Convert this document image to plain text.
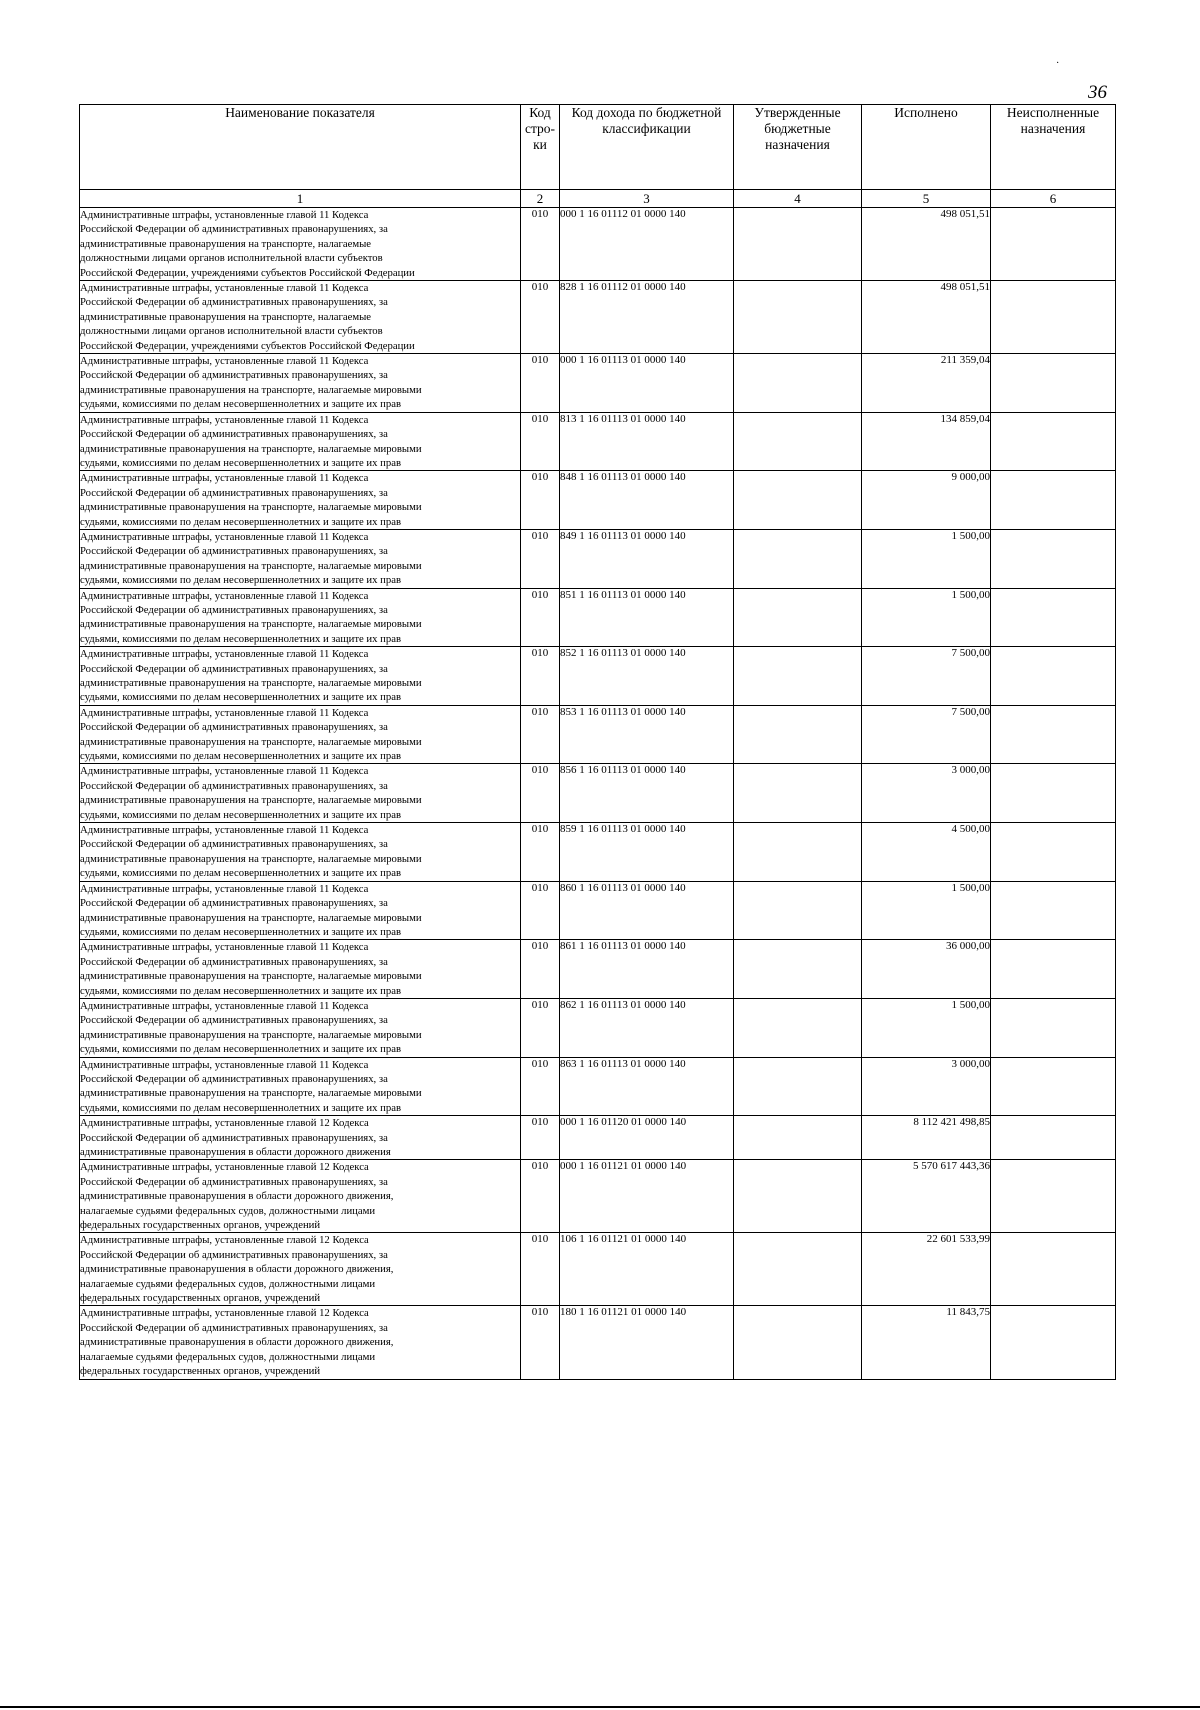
·
36
Наименование показателя	Код стро- ки	Код дохода по бюджетной классификации	Утвержденные бюджетные назначения	Исполнено	Неисполненные назначения
1	2	3	4	5	6

Административные штрафы, установленные главой 11 Кодекса
Российской Федерации об административных правонарушениях, за
административные правонарушения на транспорте, налагаемые
должностными лицами органов исполнительной власти субъектов
Российской Федерации, учреждениями субъектов Российской Федерации	010	000 1 16 01112 01 0000 140		498 051,51	

Административные штрафы, установленные главой 11 Кодекса
Российской Федерации об административных правонарушениях, за
административные правонарушения на транспорте, налагаемые
должностными лицами органов исполнительной власти субъектов
Российской Федерации, учреждениями субъектов Российской Федерации	010	828 1 16 01112 01 0000 140		498 051,51	

Административные штрафы, установленные главой 11 Кодекса
Российской Федерации об административных правонарушениях, за
административные правонарушения на транспорте, налагаемые мировыми
судьями, комиссиями по делам несовершеннолетних и защите их прав	010	000 1 16 01113 01 0000 140		211 359,04	

Административные штрафы, установленные главой 11 Кодекса
Российской Федерации об административных правонарушениях, за
административные правонарушения на транспорте, налагаемые мировыми
судьями, комиссиями по делам несовершеннолетних и защите их прав	010	813 1 16 01113 01 0000 140		134 859,04	

Административные штрафы, установленные главой 11 Кодекса
Российской Федерации об административных правонарушениях, за
административные правонарушения на транспорте, налагаемые мировыми
судьями, комиссиями по делам несовершеннолетних и защите их прав	010	848 1 16 01113 01 0000 140		9 000,00	

Административные штрафы, установленные главой 11 Кодекса
Российской Федерации об административных правонарушениях, за
административные правонарушения на транспорте, налагаемые мировыми
судьями, комиссиями по делам несовершеннолетних и защите их прав	010	849 1 16 01113 01 0000 140		1 500,00	

Административные штрафы, установленные главой 11 Кодекса
Российской Федерации об административных правонарушениях, за
административные правонарушения на транспорте, налагаемые мировыми
судьями, комиссиями по делам несовершеннолетних и защите их прав	010	851 1 16 01113 01 0000 140		1 500,00	

Административные штрафы, установленные главой 11 Кодекса
Российской Федерации об административных правонарушениях, за
административные правонарушения на транспорте, налагаемые мировыми
судьями, комиссиями по делам несовершеннолетних и защите их прав	010	852 1 16 01113 01 0000 140		7 500,00	

Административные штрафы, установленные главой 11 Кодекса
Российской Федерации об административных правонарушениях, за
административные правонарушения на транспорте, налагаемые мировыми
судьями, комиссиями по делам несовершеннолетних и защите их прав	010	853 1 16 01113 01 0000 140		7 500,00	

Административные штрафы, установленные главой 11 Кодекса
Российской Федерации об административных правонарушениях, за
административные правонарушения на транспорте, налагаемые мировыми
судьями, комиссиями по делам несовершеннолетних и защите их прав	010	856 1 16 01113 01 0000 140		3 000,00	

Административные штрафы, установленные главой 11 Кодекса
Российской Федерации об административных правонарушениях, за
административные правонарушения на транспорте, налагаемые мировыми
судьями, комиссиями по делам несовершеннолетних и защите их прав	010	859 1 16 01113 01 0000 140		4 500,00	

Административные штрафы, установленные главой 11 Кодекса
Российской Федерации об административных правонарушениях, за
административные правонарушения на транспорте, налагаемые мировыми
судьями, комиссиями по делам несовершеннолетних и защите их прав	010	860 1 16 01113 01 0000 140		1 500,00	

Административные штрафы, установленные главой 11 Кодекса
Российской Федерации об административных правонарушениях, за
административные правонарушения на транспорте, налагаемые мировыми
судьями, комиссиями по делам несовершеннолетних и защите их прав	010	861 1 16 01113 01 0000 140		36 000,00	

Административные штрафы, установленные главой 11 Кодекса
Российской Федерации об административных правонарушениях, за
административные правонарушения на транспорте, налагаемые мировыми
судьями, комиссиями по делам несовершеннолетних и защите их прав	010	862 1 16 01113 01 0000 140		1 500,00	

Административные штрафы, установленные главой 11 Кодекса
Российской Федерации об административных правонарушениях, за
административные правонарушения на транспорте, налагаемые мировыми
судьями, комиссиями по делам несовершеннолетних и защите их прав	010	863 1 16 01113 01 0000 140		3 000,00	

Административные штрафы, установленные главой 12 Кодекса
Российской Федерации об административных правонарушениях, за
административные правонарушения в области дорожного движения	010	000 1 16 01120 01 0000 140		8 112 421 498,85	

Административные штрафы, установленные главой 12 Кодекса
Российской Федерации об административных правонарушениях, за
административные правонарушения в области дорожного движения,
налагаемые судьями федеральных судов, должностными лицами
федеральных государственных органов, учреждений	010	000 1 16 01121 01 0000 140		5 570 617 443,36	

Административные штрафы, установленные главой 12 Кодекса
Российской Федерации об административных правонарушениях, за
административные правонарушения в области дорожного движения,
налагаемые судьями федеральных судов, должностными лицами
федеральных государственных органов, учреждений	010	106 1 16 01121 01 0000 140		22 601 533,99	

Административные штрафы, установленные главой 12 Кодекса
Российской Федерации об административных правонарушениях, за
административные правонарушения в области дорожного движения,
налагаемые судьями федеральных судов, должностными лицами
федеральных государственных органов, учреждений	010	180 1 16 01121 01 0000 140		11 843,75	
